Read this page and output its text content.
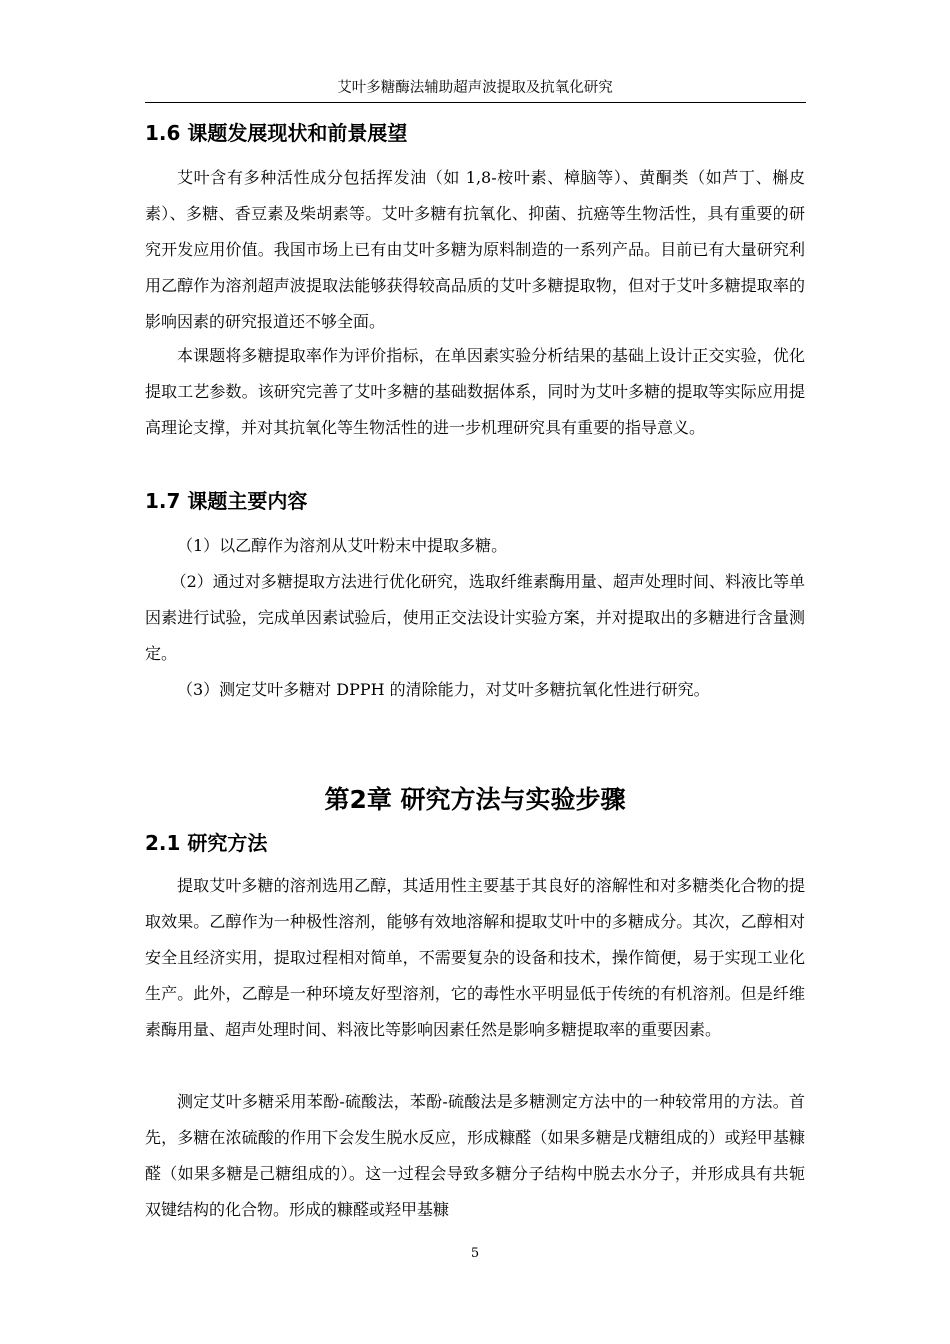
艾叶多糖酶法辅助超声波提取及抗氧化研究
1.6 课题发展现状和前景展望

艾叶含有多种活性成分包括挥发油（如 1,8-桉叶素、樟脑等）、黄酮类（如芦丁、槲皮素）、多糖、香豆素及柴胡素等。艾叶多糖有抗氧化、抑菌、抗癌等生物活性，具有重要的研究开发应用价值。我国市场上已有由艾叶多糖为原料制造的一系列产品。目前已有大量研究利用乙醇作为溶剂超声波提取法能够获得较高品质的艾叶多糖提取物，但对于艾叶多糖提取率的影响因素的研究报道还不够全面。

本课题将多糖提取率作为评价指标，在单因素实验分析结果的基础上设计正交实验，优化提取工艺参数。该研究完善了艾叶多糖的基础数据体系，同时为艾叶多糖的提取等实际应用提高理论支撑，并对其抗氧化等生物活性的进一步机理研究具有重要的指导意义。

1.7 课题主要内容

（1）以乙醇作为溶剂从艾叶粉末中提取多糖。

（2）通过对多糖提取方法进行优化研究，选取纤维素酶用量、超声处理时间、料液比等单因素进行试验，完成单因素试验后，使用正交法设计实验方案，并对提取出的多糖进行含量测定。

（3）测定艾叶多糖对 DPPH 的清除能力，对艾叶多糖抗氧化性进行研究。

第2章 研究方法与实验步骤
2.1 研究方法

提取艾叶多糖的溶剂选用乙醇，其适用性主要基于其良好的溶解性和对多糖类化合物的提取效果。乙醇作为一种极性溶剂，能够有效地溶解和提取艾叶中的多糖成分。其次，乙醇相对安全且经济实用，提取过程相对简单，不需要复杂的设备和技术，操作简便，易于实现工业化生产。此外，乙醇是一种环境友好型溶剂，它的毒性水平明显低于传统的有机溶剂。但是纤维素酶用量、超声处理时间、料液比等影响因素任然是影响多糖提取率的重要因素。

测定艾叶多糖采用苯酚-硫酸法，苯酚-硫酸法是多糖测定方法中的一种较常用的方法。首先，多糖在浓硫酸的作用下会发生脱水反应，形成糠醛（如果多糖是戊糖组成的）或羟甲基糠醛（如果多糖是己糖组成的）。这一过程会导致多糖分子结构中脱去水分子，并形成具有共轭双键结构的化合物。形成的糠醛或羟甲基糠

5
